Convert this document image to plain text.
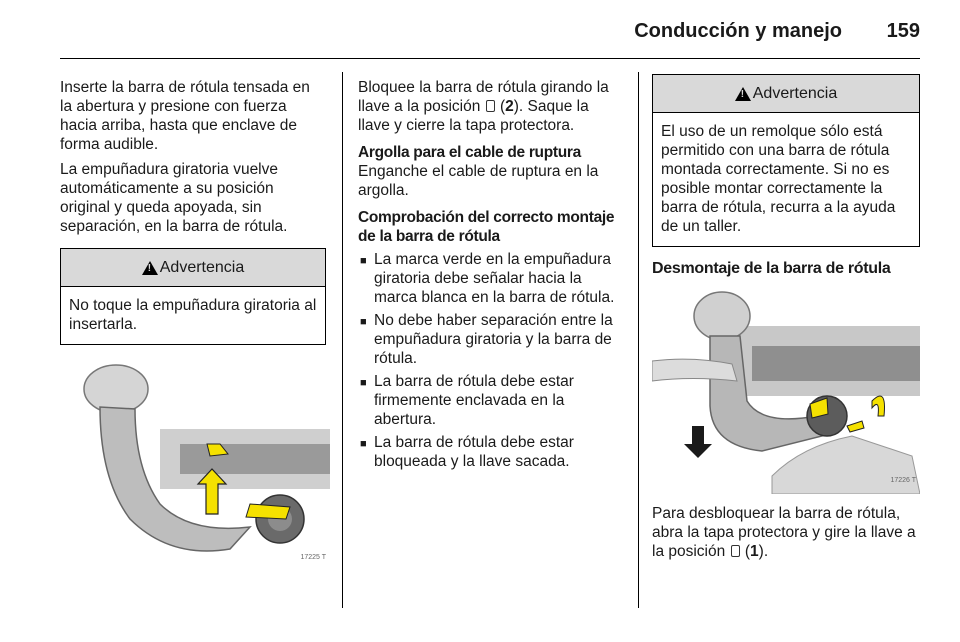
Conducción y manejo 159

Inserte la barra de rótula tensada en la abertura y presione con fuerza hacia arriba, hasta que enclave de forma audible.

La empuñadura giratoria vuelve automáticamente a su posición original y queda apoyada, sin separación, en la barra de rótula.

!
Advertencia
No toque la empuñadura giratoria al insertarla.
17225 T

Bloquee la barra de rótula girando la llave a la posición  (2). Saque la llave y cierre la tapa protectora.

Argolla para el cable de ruptura

Enganche el cable de ruptura en la argolla.

Comprobación del correcto montaje de la barra de rótula

■ La marca verde en la empuñadura giratoria debe señalar hacia la marca blanca en la barra de rótula.
■ No debe haber separación entre la empuñadura giratoria y la barra de rótula.
■ La barra de rótula debe estar firmemente enclavada en la abertura.
■ La barra de rótula debe estar bloqueada y la llave sacada.
!
Advertencia
El uso de un remolque sólo está permitido con una barra de rótula montada correctamente. Si no es posible montar correctamente la barra de rótula, recurra a la ayuda de un taller.

Desmontaje de la barra de rótula

17226 T

Para desbloquear la barra de rótula, abra la tapa protectora y gire la llave a la posición  (1).
